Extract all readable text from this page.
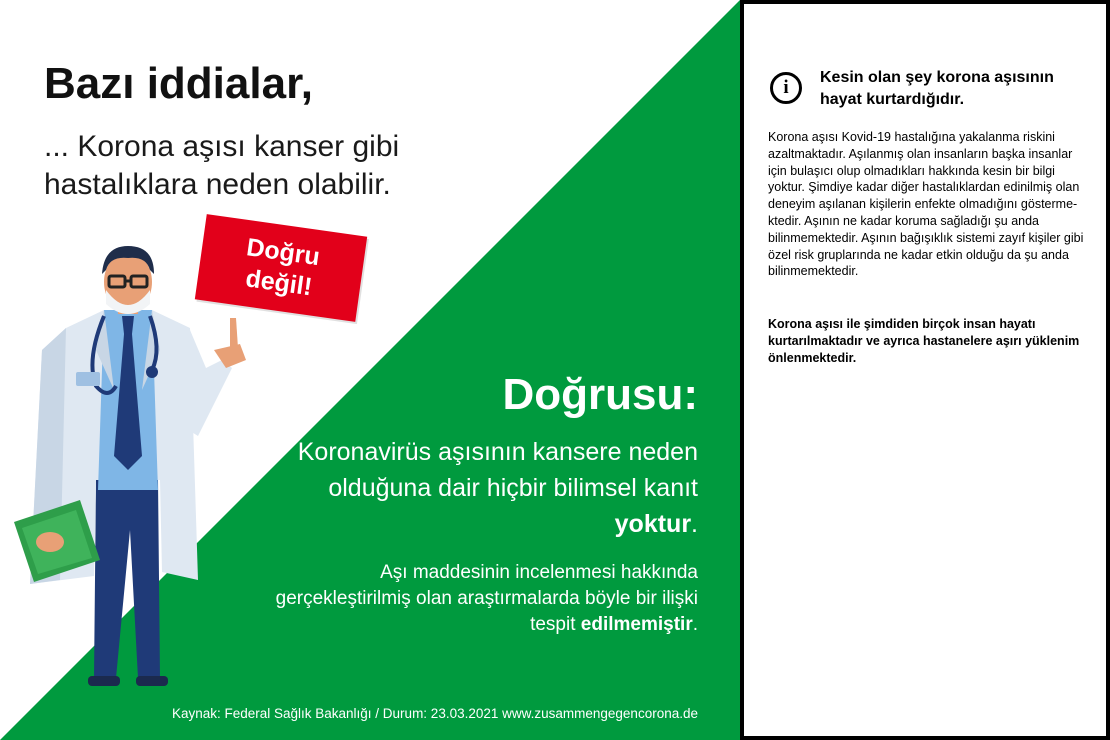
Bazı iddialar,

... Korona aşısı kanser gibi hastalıklara neden olabilir.

Doğru
değil!
Doğrusu:

Koronavirüs aşısının kansere neden olduğuna dair hiçbir bilimsel kanıt yoktur.

Aşı maddesinin incelenmesi hakkında gerçekleştirilmiş olan araştırmalarda böyle bir ilişki tespit edilmemiştir.

Kaynak: Federal Sağlık Bakanlığı / Durum: 23.03.2021 www.zusammengegencorona.de

i	Kesin olan şey korona aşısının hayat kurtardığıdır.

Korona aşısı Kovid-19 hastalığına yakalanma riskini azaltmaktadır. Aşılanmış olan insanların başka insanlar için bulaşıcı olup olmadıkları hakkında kesin bir bilgi yoktur. Şimdiye kadar diğer hastalıklardan edinilmiş olan deneyim aşılanan kişilerin enfekte olmadığını göstermektedir. Aşının ne kadar koruma sağladığı şu anda bilinmemektedir. Aşının bağışıklık sistemi zayıf kişiler gibi özel risk gruplarında ne kadar etkin olduğu da şu anda bilinmemektedir.

Korona aşısı ile şimdiden birçok insan hayatı kurtarılmaktadır ve ayrıca hastanelere aşırı yüklenim önlenmektedir.
